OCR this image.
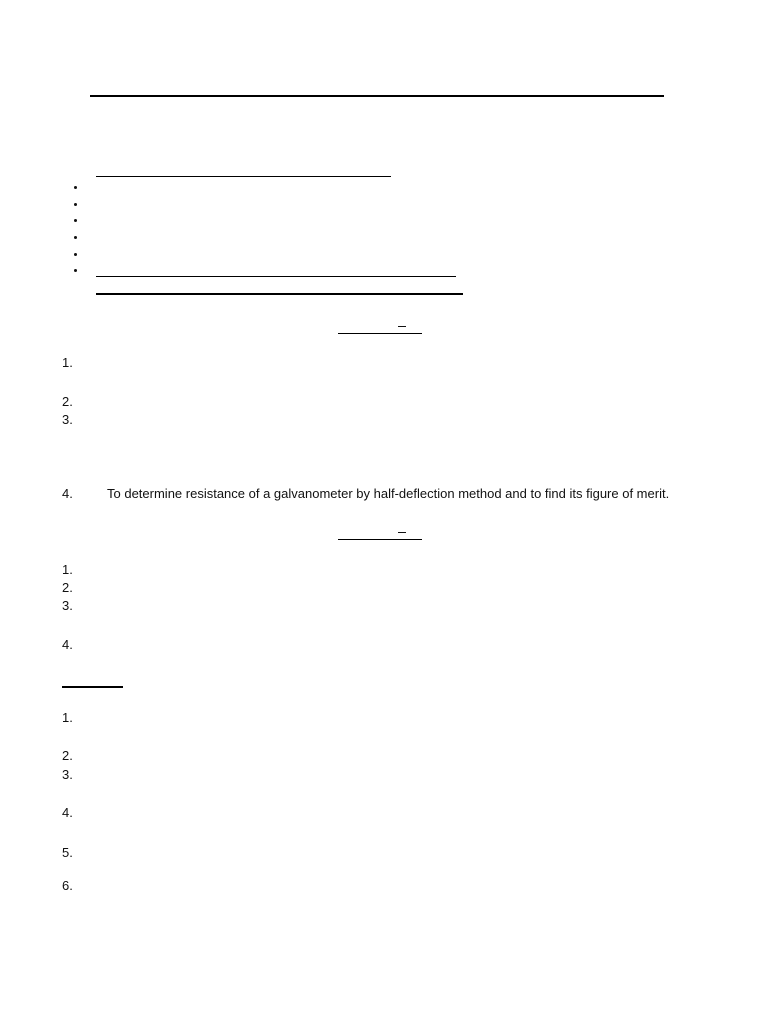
1.
2.
3.
4.	To determine resistance of a galvanometer by half-deflection method and to find its figure of merit.
1.
2.
3.
4.
1.
2.
3.
4.
5.
6.
